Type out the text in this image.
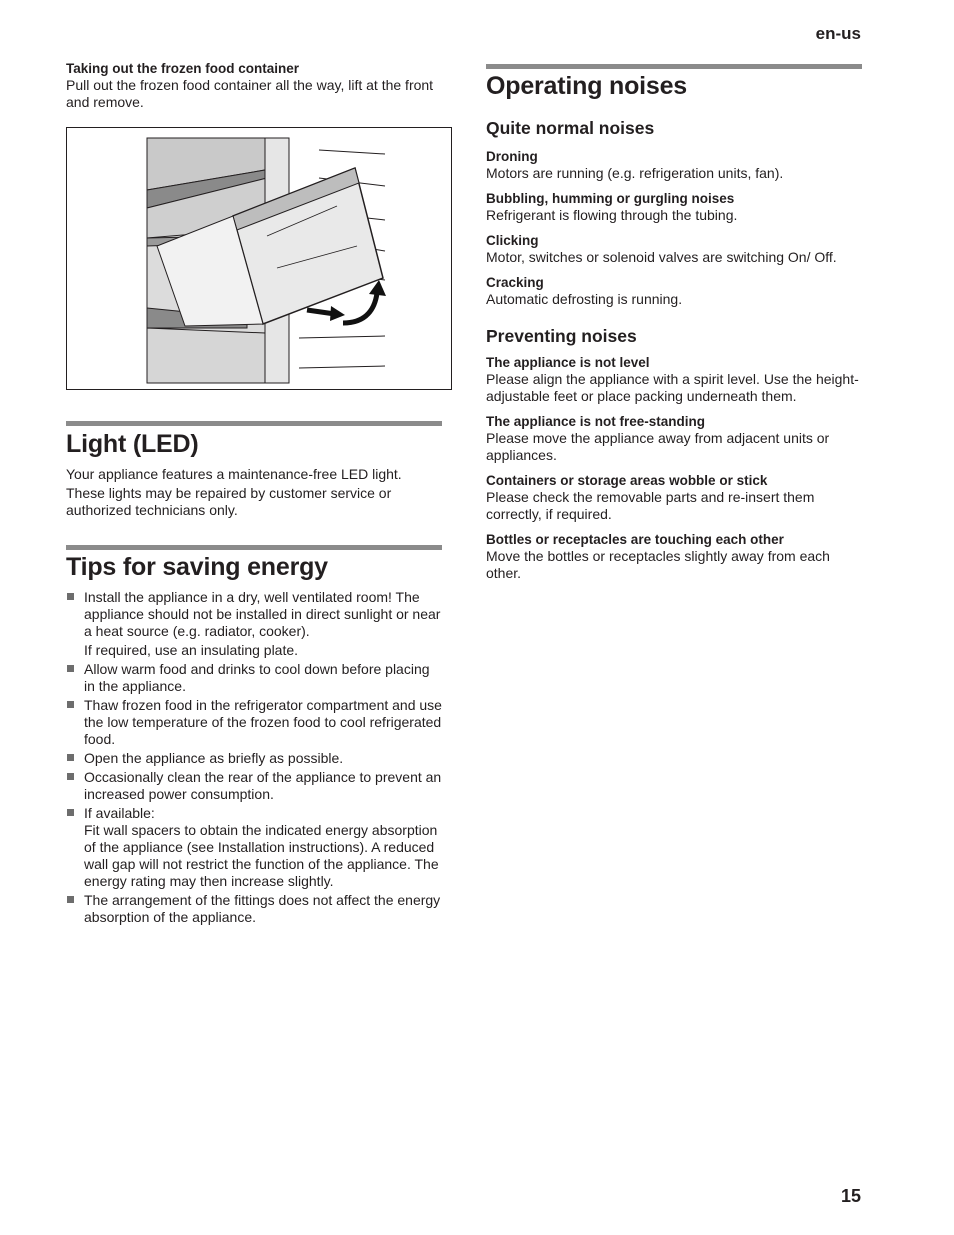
en-us

Taking out the frozen food container

Pull out the frozen food container all the way, lift at the front and remove.

Light (LED)

Your appliance features a maintenance-free LED light.

These lights may be repaired by customer service or authorized technicians only.

Tips for saving energy
Install the appliance in a dry, well ventilated room! The appliance should not be installed in direct sunlight or near a heat source (e.g. radiator, cooker).
If required, use an insulating plate.
Allow warm food and drinks to cool down before placing in the appliance.
Thaw frozen food in the refrigerator compartment and use the low temperature of the frozen food to cool refrigerated food.
Open the appliance as briefly as possible.
Occasionally clean the rear of the appliance to prevent an increased power consumption.
If available:
Fit wall spacers to obtain the indicated energy absorption of the appliance (see Installation instructions). A reduced wall gap will not restrict the function of the appliance. The energy rating may then increase slightly.
The arrangement of the fittings does not affect the energy absorption of the appliance.
Operating noises
Quite normal noises

Droning

Motors are running (e.g. refrigeration units, fan).

Bubbling, humming or gurgling noises

Refrigerant is flowing through the tubing.

Clicking

Motor, switches or solenoid valves are switching On/ Off.

Cracking

Automatic defrosting is running.

Preventing noises

The appliance is not level

Please align the appliance with a spirit level. Use the height-adjustable feet or place packing underneath them.

The appliance is not free-standing

Please move the appliance away from adjacent units or appliances.

Containers or storage areas wobble or stick

Please check the removable parts and re-insert them correctly, if required.

Bottles or receptacles are touching each other

Move the bottles or receptacles slightly away from each other.

15
